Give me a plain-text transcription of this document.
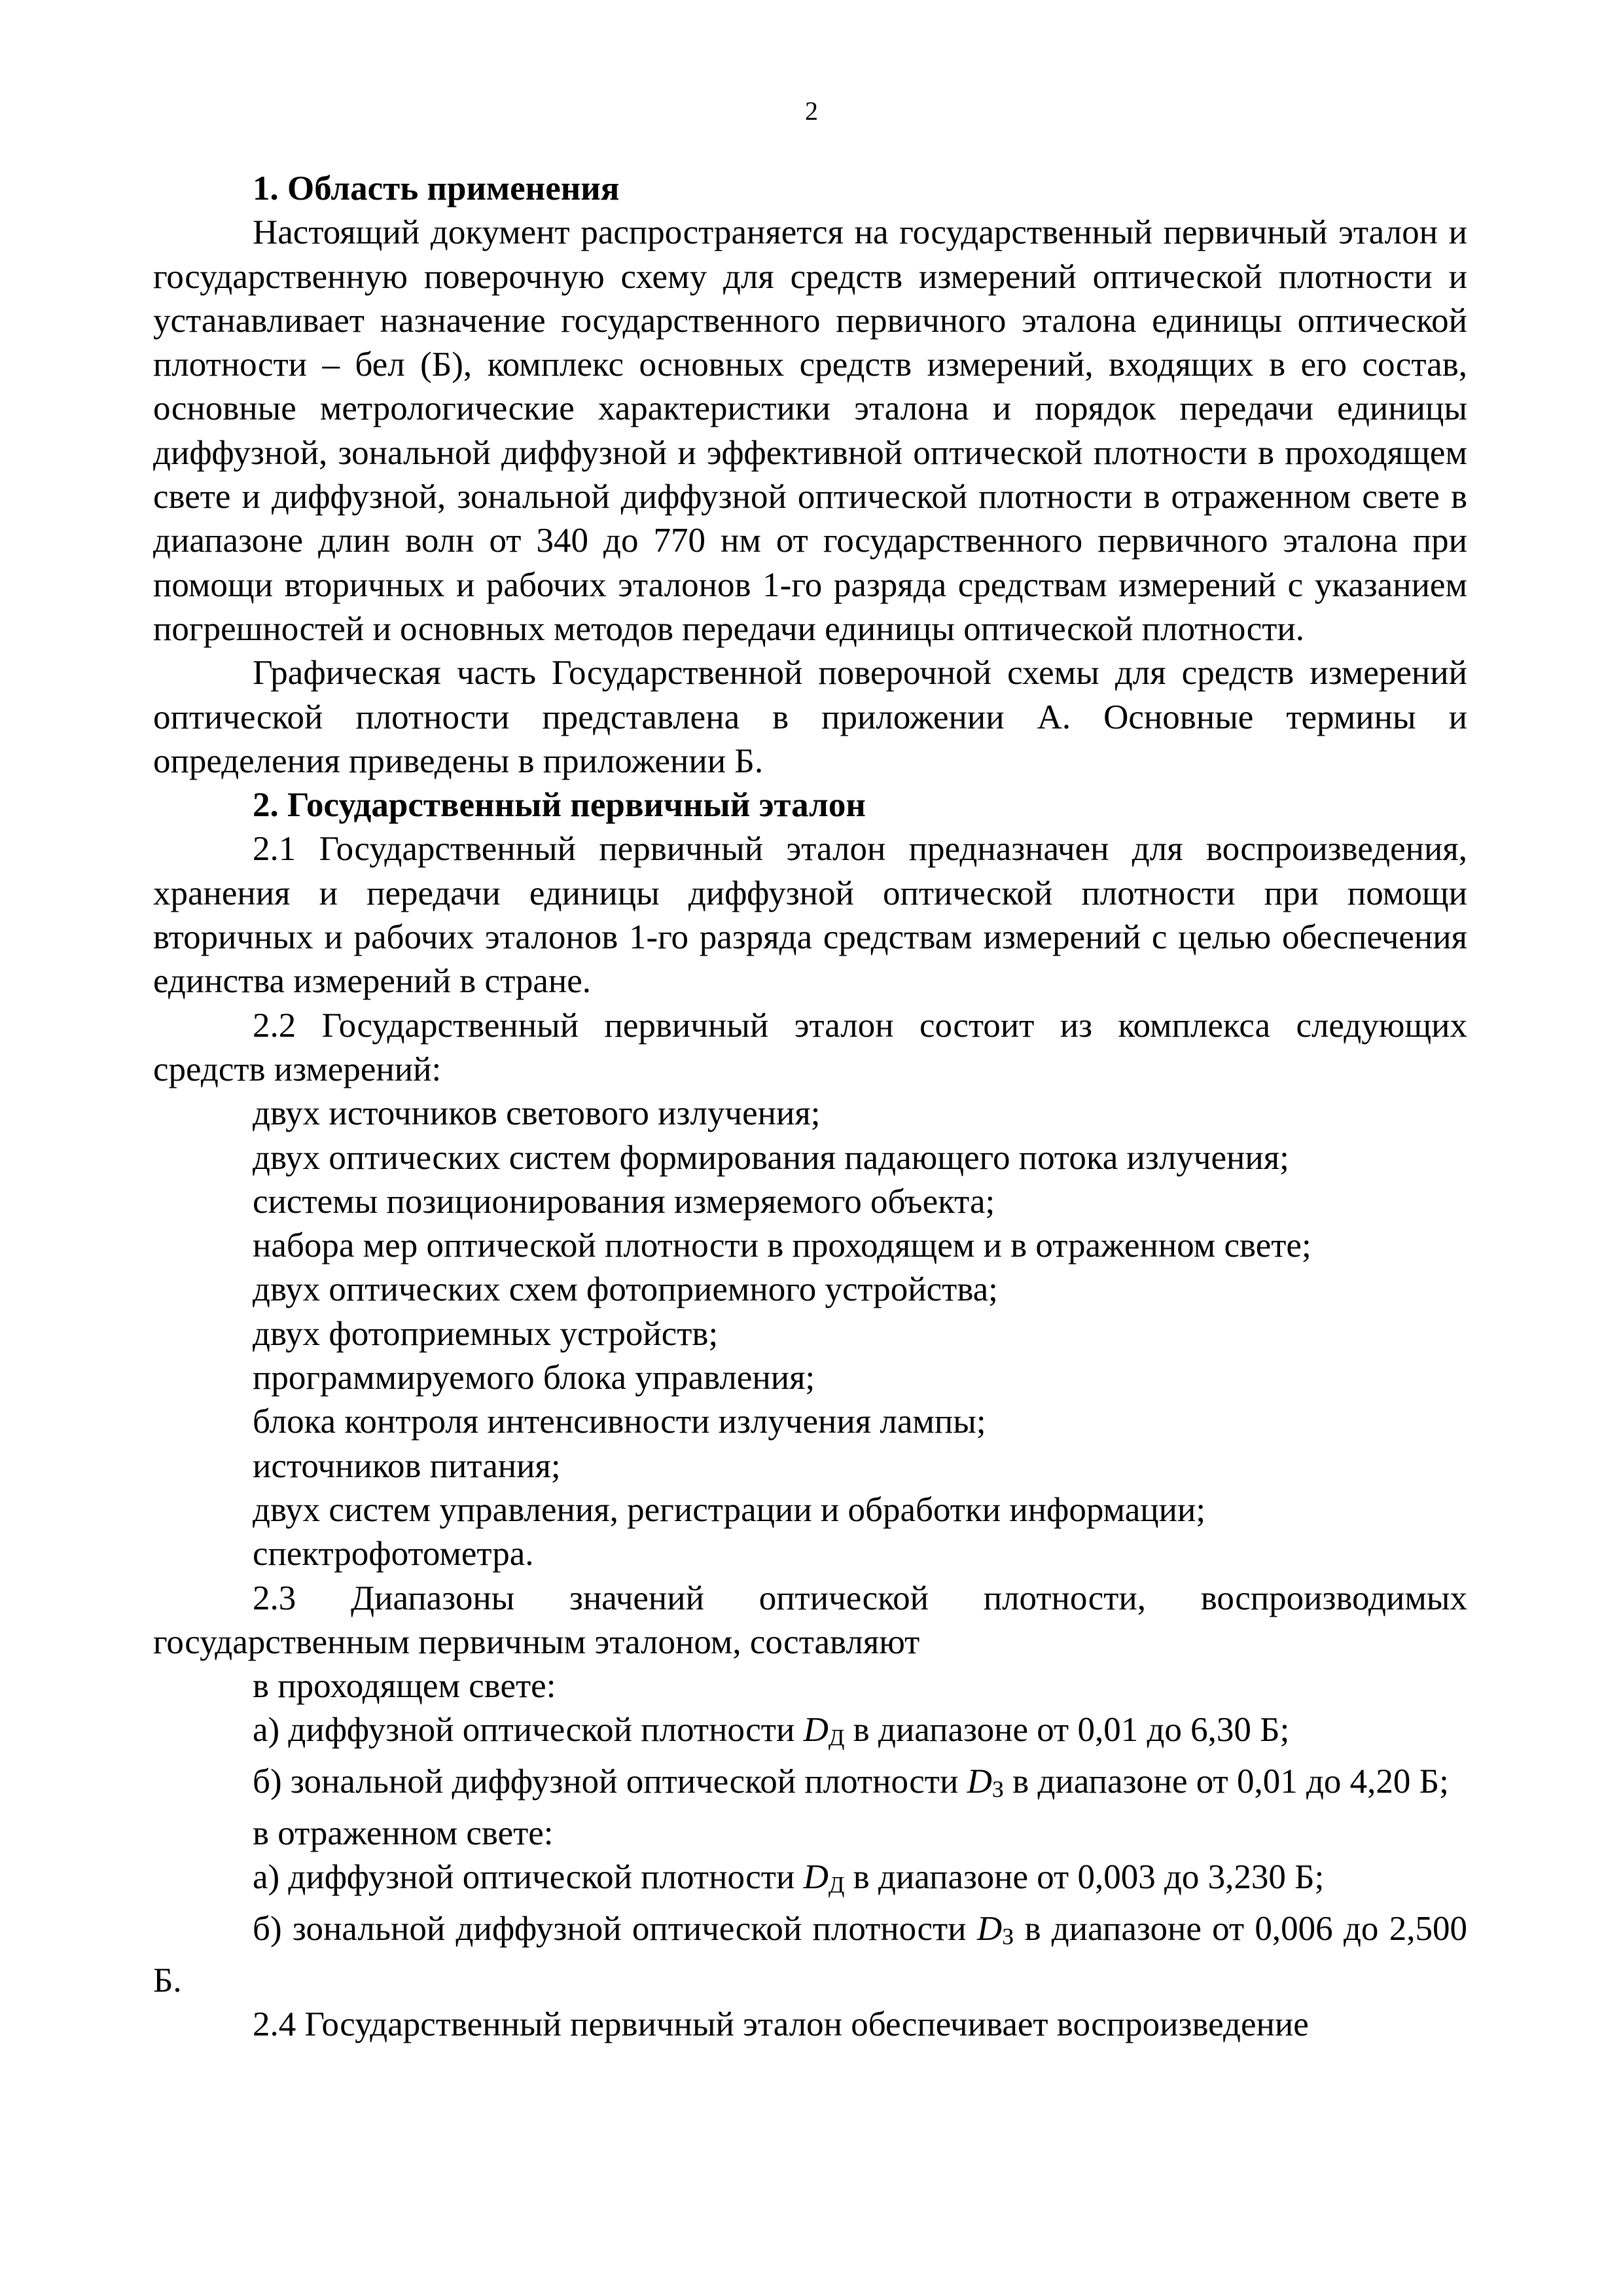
2

1. Область применения

Настоящий документ распространяется на государственный первичный эталон и государственную поверочную схему для средств измерений оптической плотности и устанавливает назначение государственного первичного эталона единицы оптической плотности – бел (Б), комплекс основных средств измерений, входящих в его состав, основные метрологические характеристики эталона и порядок передачи единицы диффузной, зональной диффузной и эффективной оптической плотности в проходящем свете и диффузной, зональной диффузной оптической плотности в отраженном свете в диапазоне длин волн от 340 до 770 нм от государственного первичного эталона при помощи вторичных и рабочих эталонов 1-го разряда средствам измерений с указанием погрешностей и основных методов передачи единицы оптической плотности.

Графическая часть Государственной поверочной схемы для средств измерений оптической плотности представлена в приложении А. Основные термины и определения приведены в приложении Б.

2. Государственный первичный эталон

2.1 Государственный первичный эталон предназначен для воспроизведения, хранения и передачи единицы диффузной оптической плотности при помощи вторичных и рабочих эталонов 1-го разряда средствам измерений с целью обеспечения единства измерений в стране.

2.2 Государственный первичный эталон состоит из комплекса следующих средств измерений:

двух источников светового излучения;

двух оптических систем формирования падающего потока излучения;

системы позиционирования измеряемого объекта;

набора мер оптической плотности в проходящем и в отраженном свете;

двух оптических схем фотоприемного устройства;

двух фотоприемных устройств;

программируемого блока управления;

блока контроля интенсивности излучения лампы;

источников питания;

двух систем управления, регистрации и обработки информации;

спектрофотометра.

2.3 Диапазоны значений оптической плотности, воспроизводимых государственным первичным эталоном, составляют

в проходящем свете:

а) диффузной оптической плотности DД в диапазоне от 0,01 до 6,30 Б;

б) зональной диффузной оптической плотности DЗ в диапазоне от 0,01 до 4,20 Б;

в отраженном свете:

а) диффузной оптической плотности DД в диапазоне от 0,003 до 3,230 Б;

б) зональной диффузной оптической плотности DЗ в диапазоне от 0,006 до 2,500 Б.

2.4 Государственный первичный эталон обеспечивает воспроизведение
